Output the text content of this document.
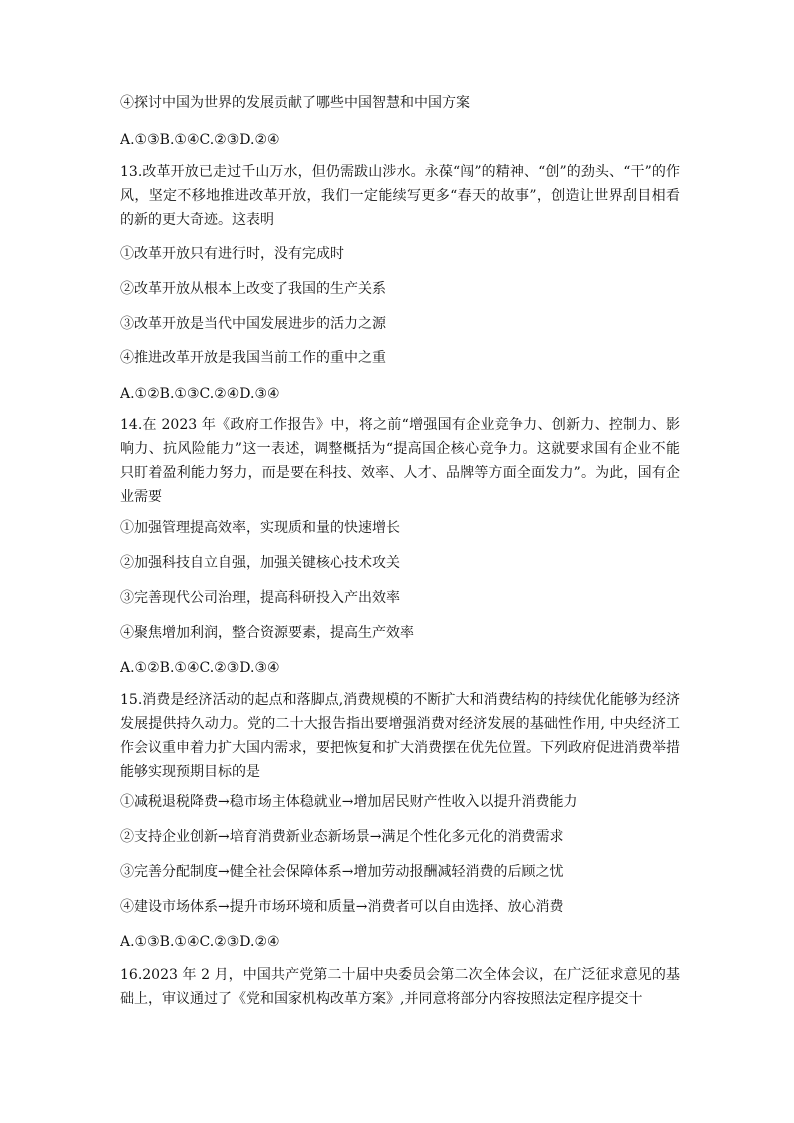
④探讨中国为世界的发展贡献了哪些中国智慧和中国方案
A.①③B.①④C.②③D.②④
13.改革开放已走过千山万水，但仍需跋山涉水。永葆“闯”的精神、“创”的劲头、“干”的作风，坚定不移地推进改革开放，我们一定能续写更多“春天的故事”，创造让世界刮目相看的新的更大奇迹。这表明
①改革开放只有进行时，没有完成时
②改革开放从根本上改变了我国的生产关系
③改革开放是当代中国发展进步的活力之源
④推进改革开放是我国当前工作的重中之重
A.①②B.①③C.②④D.③④
14.在 2023 年《政府工作报告》中，将之前“增强国有企业竞争力、创新力、控制力、影响力、抗风险能力”这一表述，调整概括为“提高国企核心竞争力。这就要求国有企业不能只盯着盈利能力努力，而是要在科技、效率、人才、品牌等方面全面发力”。为此，国有企业需要
①加强管理提高效率，实现质和量的快速增长
②加强科技自立自强，加强关键核心技术攻关
③完善现代公司治理，提高科研投入产出效率
④聚焦增加利润，整合资源要素，提高生产效率
A.①②B.①④C.②③D.③④
15.消费是经济活动的起点和落脚点,消费规模的不断扩大和消费结构的持续优化能够为经济发展提供持久动力。党的二十大报告指出要增强消费对经济发展的基础性作用, 中央经济工作会议重申着力扩大国内需求，要把恢复和扩大消费摆在优先位置。下列政府促进消费举措能够实现预期目标的是
①减税退税降费→稳市场主体稳就业→增加居民财产性收入以提升消费能力
②支持企业创新→培育消费新业态新场景→满足个性化多元化的消费需求
③完善分配制度→健全社会保障体系→增加劳动报酬减轻消费的后顾之忧
④建设市场体系→提升市场环境和质量→消费者可以自由选择、放心消费
A.①③B.①④C.②③D.②④
16.2023 年 2 月，中国共产党第二十届中央委员会第二次全体会议，在广泛征求意见的基础上，审议通过了《党和国家机构改革方案》,并同意将部分内容按照法定程序提交十
